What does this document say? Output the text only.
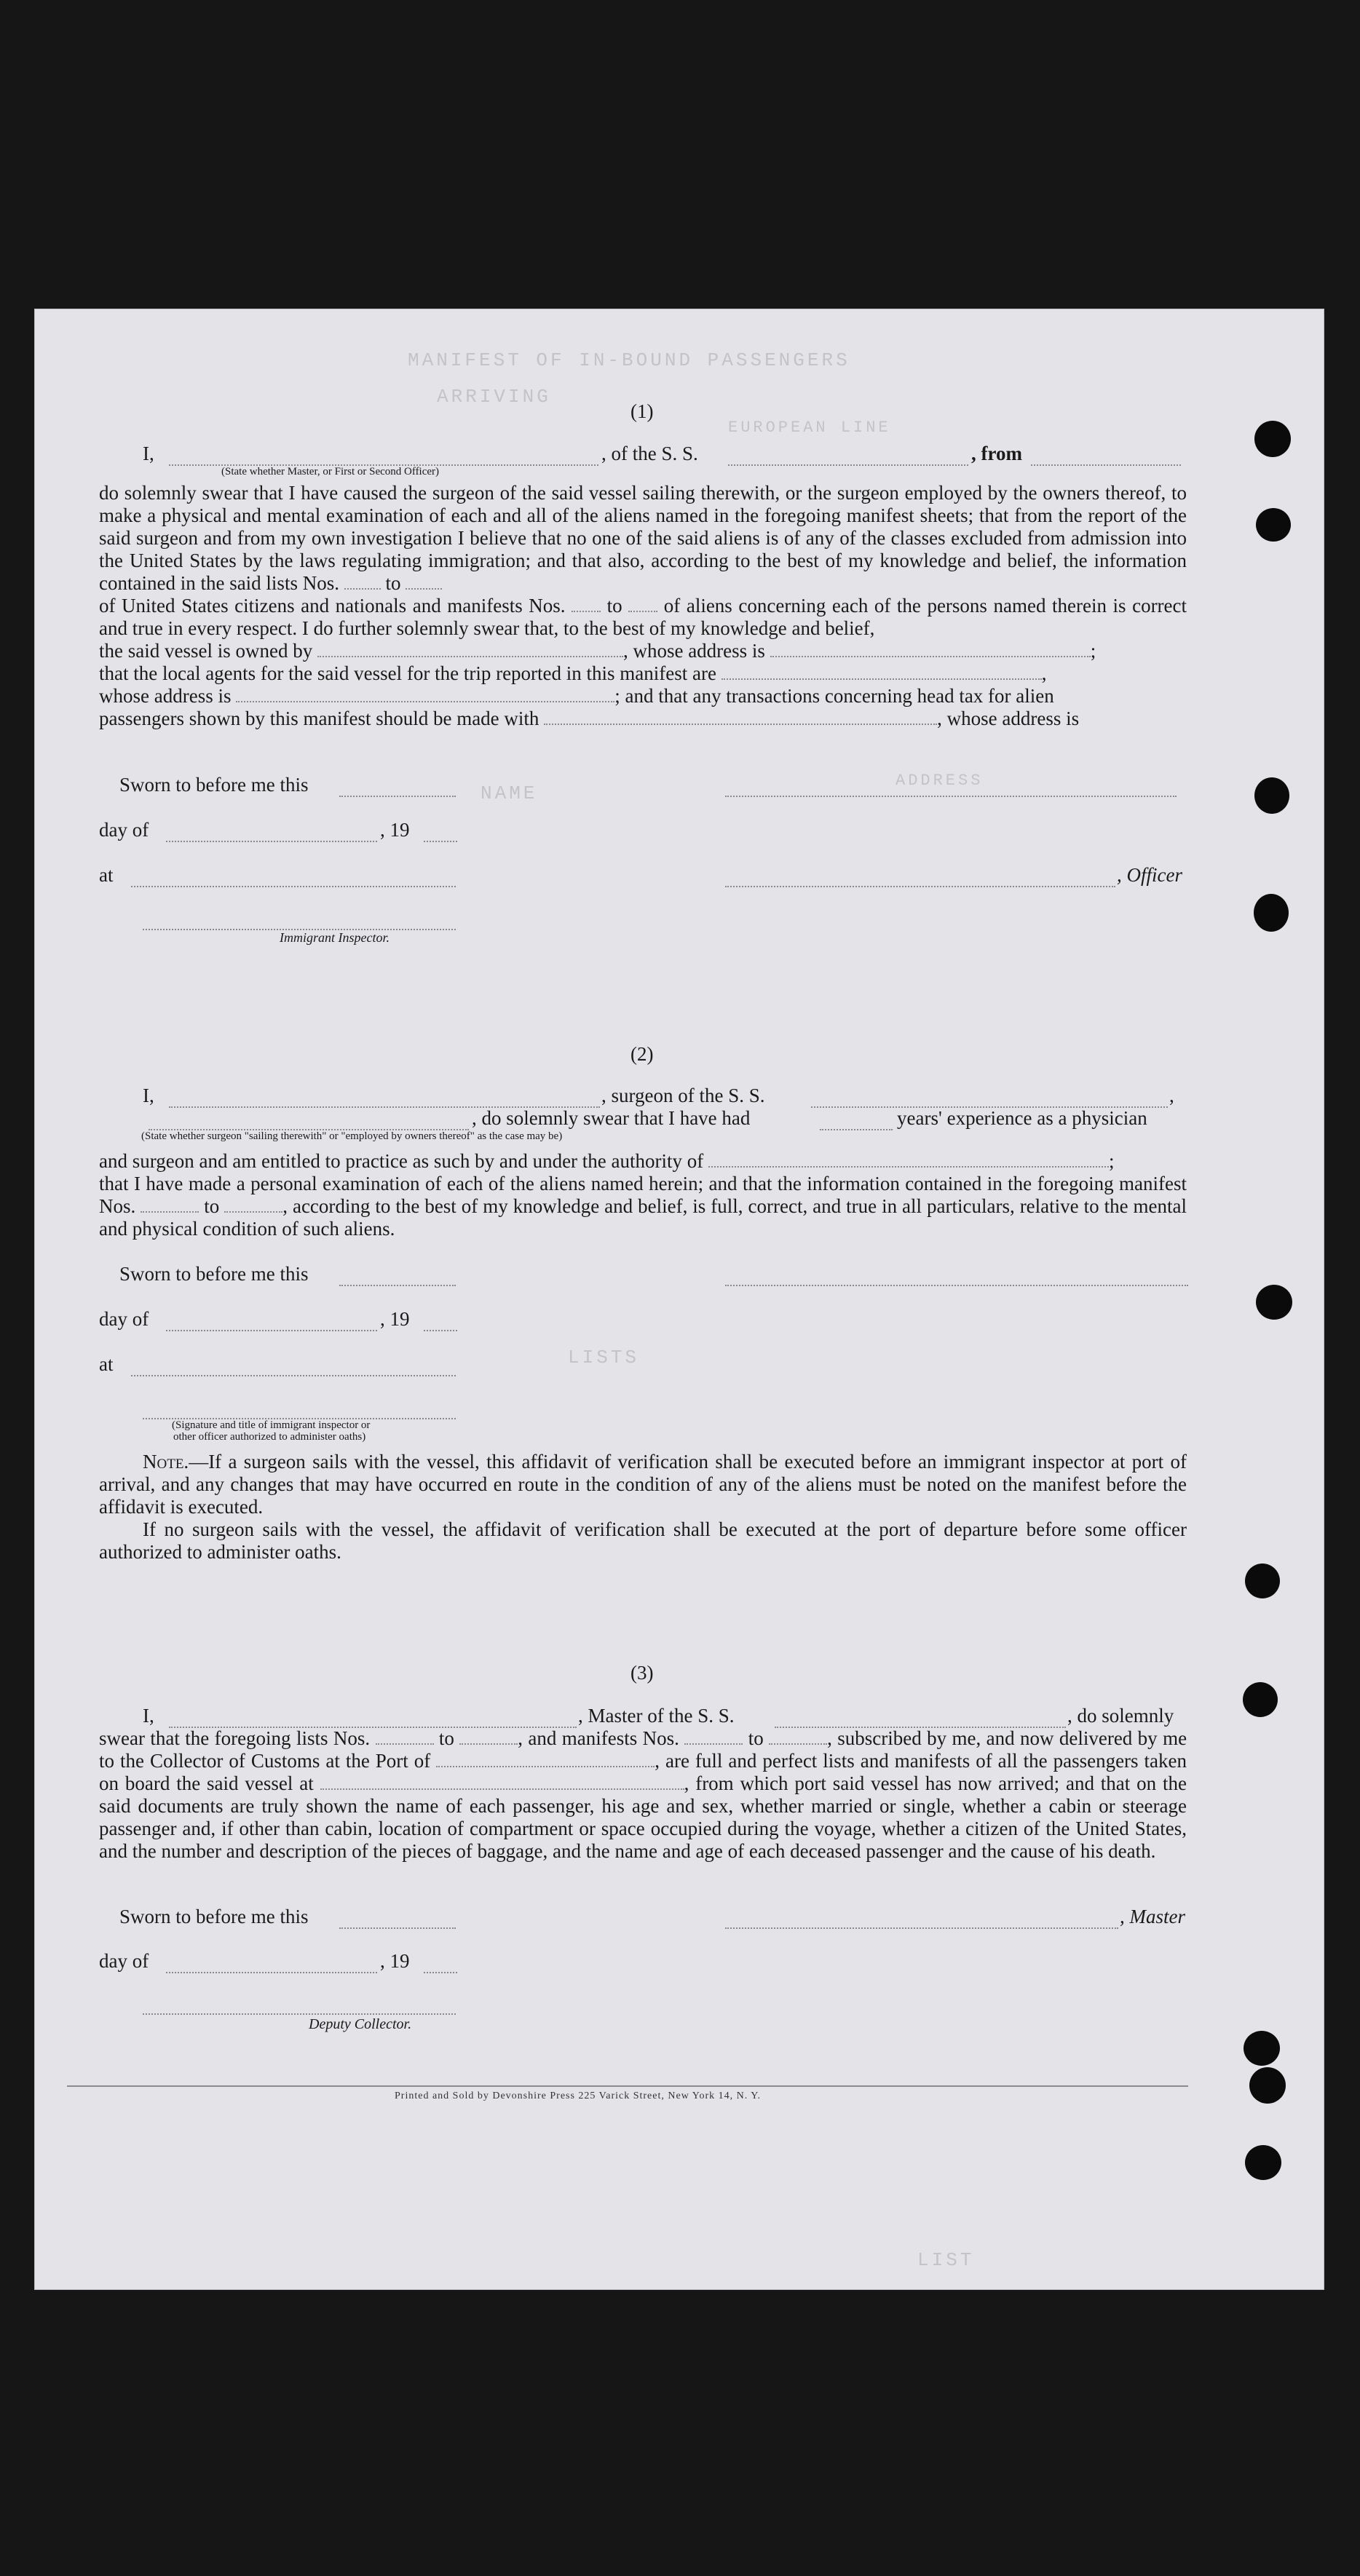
MANIFEST OF IN-BOUND PASSENGERS
ARRIVING
EUROPEAN LINE
NAME
ADDRESS
LISTS
LIST
(1)
I,	, of the S. S.	, from
(State whether Master, or First or Second Officer)

do solemnly swear that I have caused the surgeon of the said vessel sailing therewith, or the surgeon employed by the owners thereof, to make a physical and mental examination of each and all of the aliens named in the foregoing manifest sheets; that from the report of the said surgeon and from my own investigation I believe that no one of the said aliens is of any of the classes excluded from admission into the United States by the laws regulating immigration; and that also, according to the best of my knowledge and belief, the information contained in the said lists Nos. to

of United States citizens and nationals and manifests Nos. to of aliens concerning each of the persons named therein is correct and true in every respect. I do further solemnly swear that, to the best of my knowledge and belief,

the said vessel is owned by	, whose address is	;

that the local agents for the said vessel for the trip reported in this manifest are	,

whose address is	; and that any transactions concerning head tax for alien

passengers shown by this manifest should be made with	, whose address is

Sworn to before me this
day of	, 19
at	, Officer
Immigrant Inspector.
(2)
I,	, surgeon of the S. S.	,
, do solemnly swear that I have had	years' experience as a physician
(State whether surgeon "sailing therewith" or "employed by owners thereof" as the case may be)

and surgeon and am entitled to practice as such by and under the authority of	;

that I have made a personal examination of each of the aliens named herein; and that the information contained in the foregoing manifest Nos.	to	, according to the best of my knowledge and belief, is full, correct, and true in all particulars, relative to the mental and physical condition of such aliens.

Sworn to before me this
day of	, 19
at
(Signature and title of immigrant inspector or
other officer authorized to administer oaths)

Note.—If a surgeon sails with the vessel, this affidavit of verification shall be executed before an immigrant inspector at port of arrival, and any changes that may have occurred en route in the condition of any of the aliens must be noted on the manifest before the affidavit is executed.

If no surgeon sails with the vessel, the affidavit of verification shall be executed at the port of departure before some officer authorized to administer oaths.

(3)
I,	, Master of the S. S.	, do solemnly

swear that the foregoing lists Nos.	to	, and manifests Nos.	to	, subscribed by me, and now delivered by me to the Collector of Customs at the Port of	, are full and perfect lists and manifests of all the passengers taken on board the said vessel at	, from which port said vessel has now arrived; and that on the said documents are truly shown the name of each passenger, his age and sex, whether married or single, whether a cabin or steerage passenger and, if other than cabin, location of compartment or space occupied during the voyage, whether a citizen of the United States, and the number and description of the pieces of baggage, and the name and age of each deceased passenger and the cause of his death.

Sworn to before me this	, Master
day of	, 19
Deputy Collector.
Printed and Sold by Devonshire Press 225 Varick Street, New York 14, N. Y.
